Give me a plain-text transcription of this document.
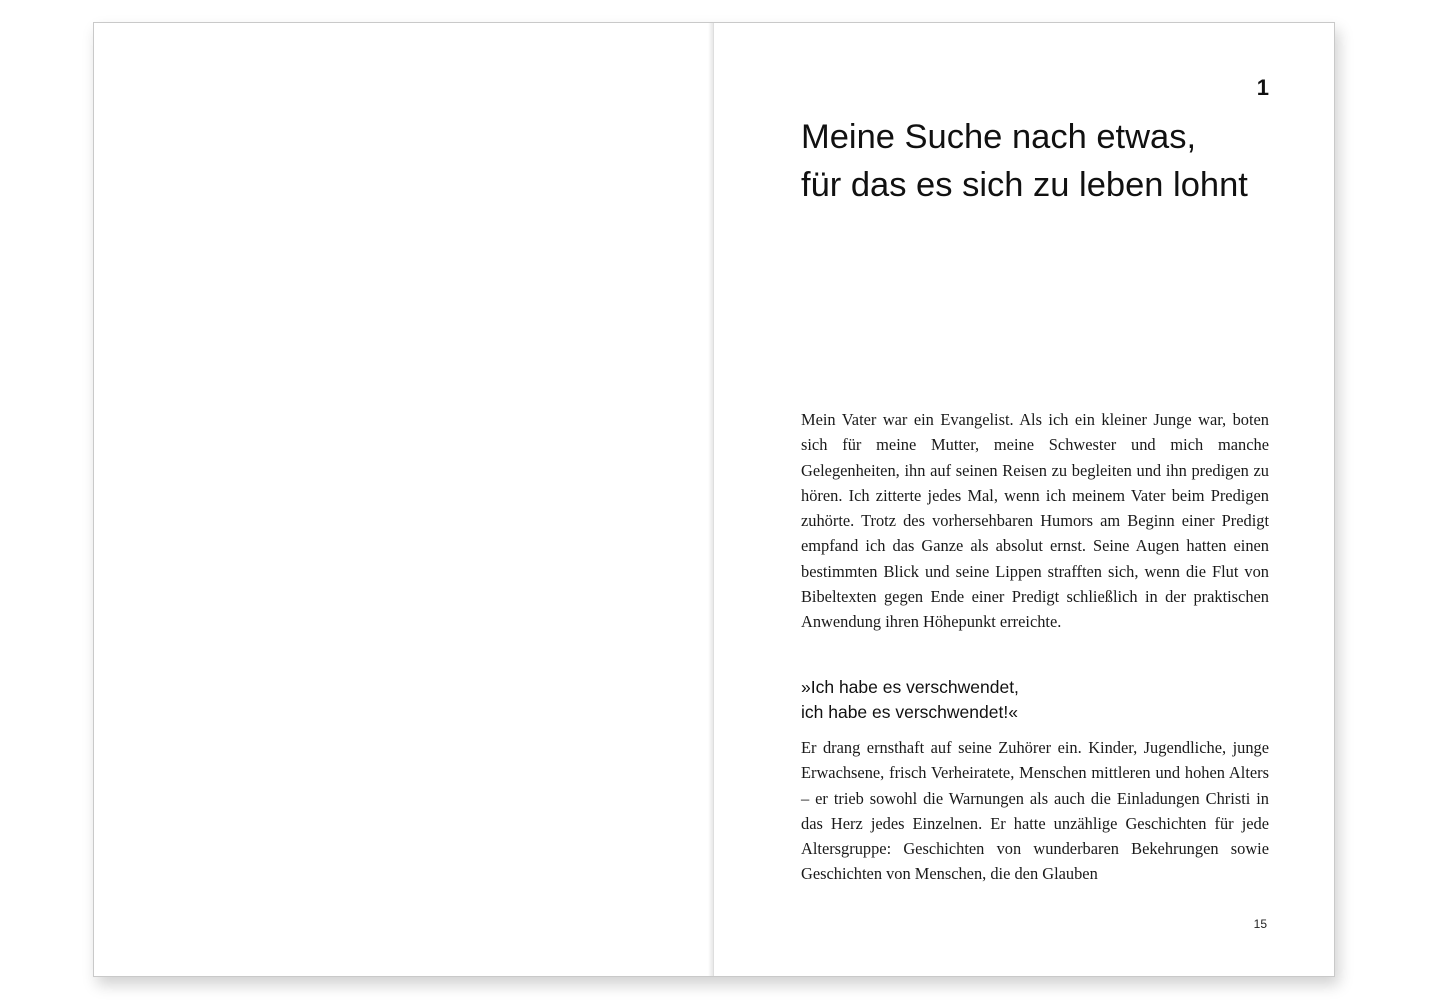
1
Meine Suche nach etwas,
für das es sich zu leben lohnt

Mein Vater war ein Evangelist. Als ich ein kleiner Junge war, boten sich für meine Mutter, meine Schwester und mich manche Gelegenheiten, ihn auf seinen Reisen zu begleiten und ihn predigen zu hören. Ich zitterte jedes Mal, wenn ich meinem Vater beim Predigen zuhörte. Trotz des vorhersehbaren Humors am Beginn einer Predigt empfand ich das Ganze als absolut ernst. Seine Augen hatten einen bestimmten Blick und seine Lippen strafften sich, wenn die Flut von Bibeltexten gegen Ende einer Predigt schließlich in der praktischen Anwendung ihren Höhepunkt erreichte.

»Ich habe es verschwendet,
ich habe es verschwendet!«

Er drang ernsthaft auf seine Zuhörer ein. Kinder, Jugendliche, junge Erwachsene, frisch Verheiratete, Menschen mittleren und hohen Alters – er trieb sowohl die Warnungen als auch die Einladungen Christi in das Herz jedes Einzelnen. Er hatte unzählige Geschichten für jede Altersgruppe: Geschichten von wunderbaren Bekehrungen sowie Geschichten von Menschen, die den Glauben

15
